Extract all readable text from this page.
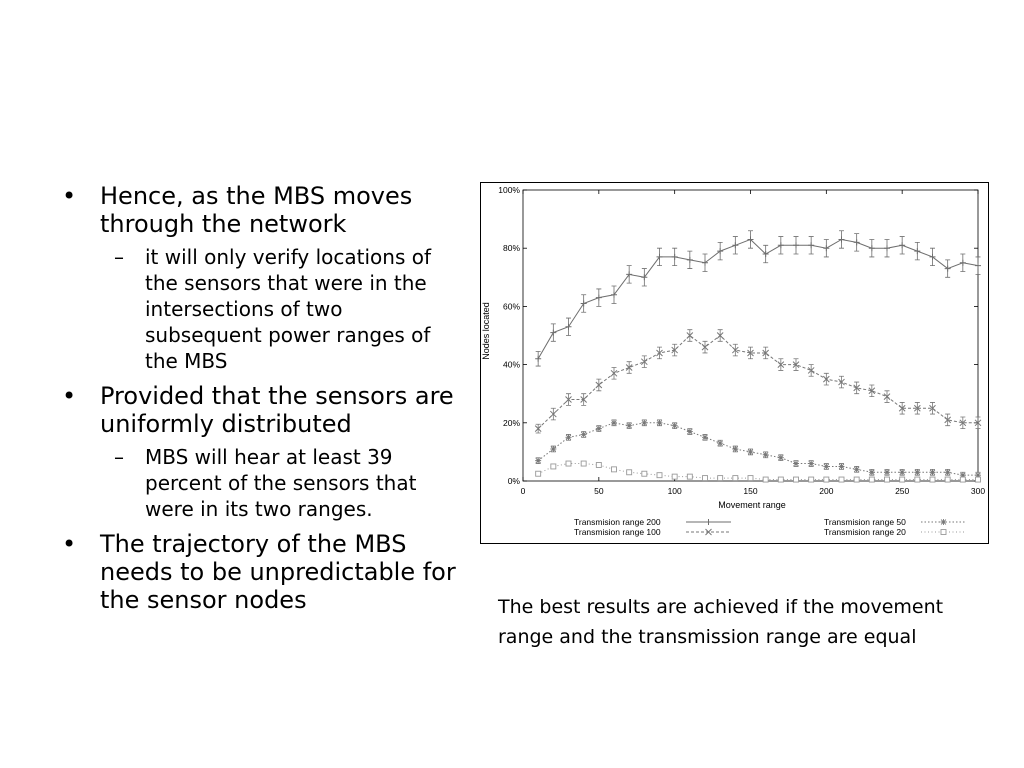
• Hence, as the MBS moves through the network
– it will only verify locations of the sensors that were in the intersections of two subsequent power ranges of the MBS
• Provided that the sensors are uniformly distributed
– MBS will hear at least 39 percent of the sensors that were in its two ranges.
• The trajectory of the MBS needs to be unpredictable for the sensor nodes
0%
20%
40%
60%
80%
100%
0	50	100	150	200	250	300
Nodes located
Movement range
Transmision range 200
Transmision range 100
Transmision range 50
Transmision range 20
The best results are achieved if the movement range and the transmission range are equal
